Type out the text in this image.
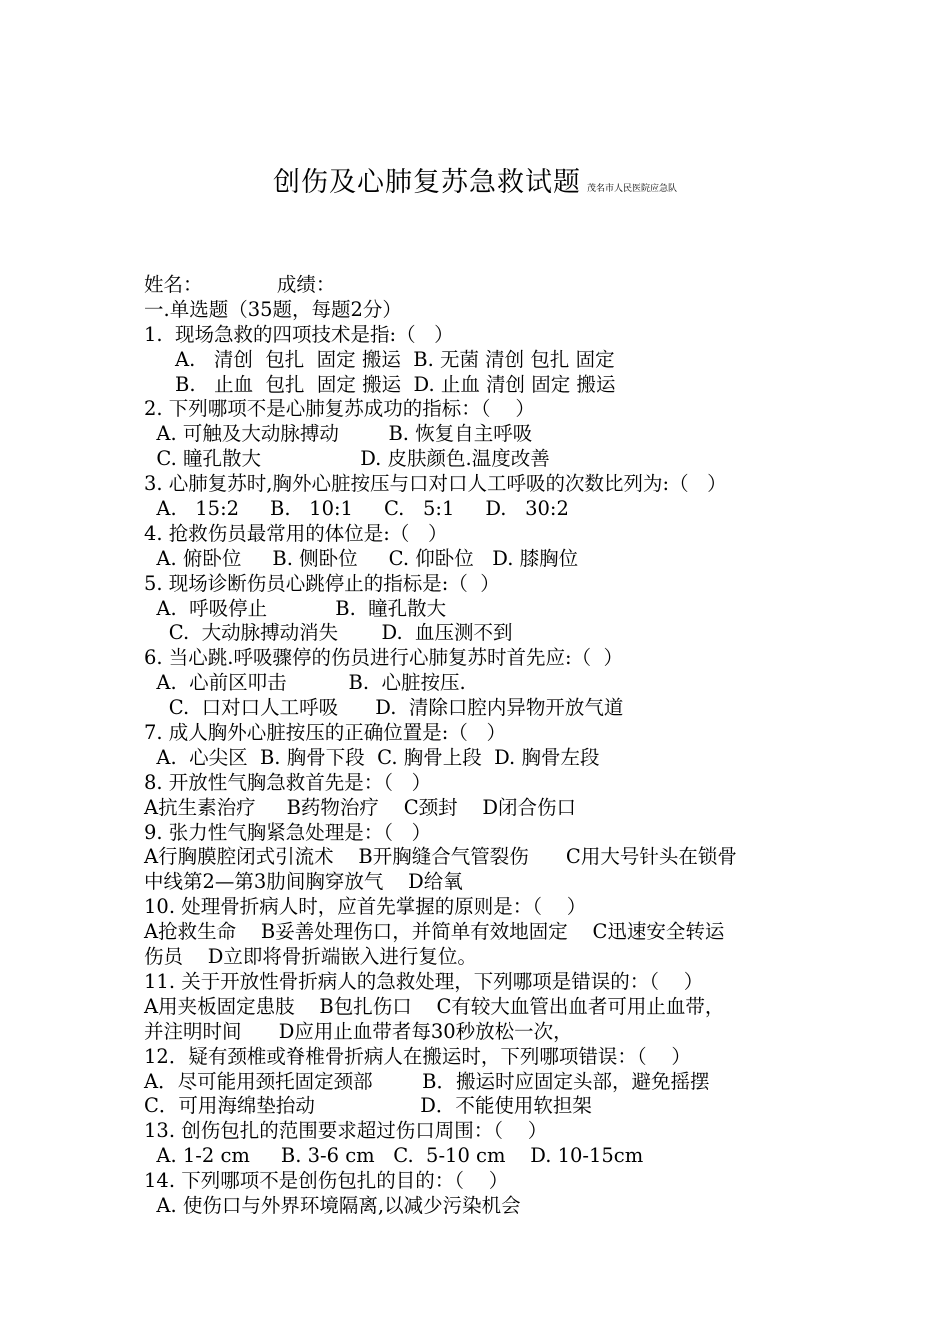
创伤及心肺复苏急救试题 茂名市人民医院应急队
姓名：            成绩：
一.单选题（35题，每题2分）
1.  现场急救的四项技术是指:（   ）
A.   清创  包扎  固定 搬运  B. 无菌 清创 包扎 固定
B.   止血  包扎  固定 搬运  D. 止血 清创 固定 搬运
2. 下列哪项不是心肺复苏成功的指标：（    ）
A. 可触及大动脉搏动        B. 恢复自主呼吸
C. 瞳孔散大                D. 皮肤颜色.温度改善
3. 心肺复苏时,胸外心脏按压与口对口人工呼吸的次数比列为:（   ）
A.   15:2     B.   10:1     C.   5:1     D.   30:2
4. 抢救伤员最常用的体位是:（   ）
A. 俯卧位     B. 侧卧位     C. 仰卧位   D. 膝胸位
5. 现场诊断伤员心跳停止的指标是:（  ）
A.  呼吸停止           B.  瞳孔散大
C.  大动脉搏动消失       D.  血压测不到
6. 当心跳.呼吸骤停的伤员进行心肺复苏时首先应:（  ）
A.  心前区叩击          B.  心脏按压.
C.  口对口人工呼吸      D.  清除口腔内异物开放气道
7. 成人胸外心脏按压的正确位置是:（   ）
A.  心尖区  B. 胸骨下段  C. 胸骨上段  D. 胸骨左段
8. 开放性气胸急救首先是：（   ）
A抗生素治疗     B药物治疗    C颈封    D闭合伤口
9. 张力性气胸紧急处理是：（   ）
A行胸膜腔闭式引流术    B开胸缝合气管裂伤      C用大号针头在锁骨
中线第2—第3肋间胸穿放气    D给氧
10. 处理骨折病人时，应首先掌握的原则是：（    ）
A抢救生命    B妥善处理伤口，并简单有效地固定    C迅速安全转运
伤员    D立即将骨折端嵌入进行复位。
11. 关于开放性骨折病人的急救处理，下列哪项是错误的：（    ）
A用夹板固定患肢    B包扎伤口    C有较大血管出血者可用止血带，
并注明时间      D应用止血带者每30秒放松一次，
12．疑有颈椎或脊椎骨折病人在搬运时，下列哪项错误：（    ）
A．尽可能用颈托固定颈部        B．搬运时应固定头部，避免摇摆
C．可用海绵垫抬动                 D．不能使用软担架
13. 创伤包扎的范围要求超过伤口周围：（    ）
A. 1-2 cm     B. 3-6 cm   C.  5-10 cm    D. 10-15cm
14. 下列哪项不是创伤包扎的目的：（    ）
A. 使伤口与外界环境隔离,以减少污染机会
